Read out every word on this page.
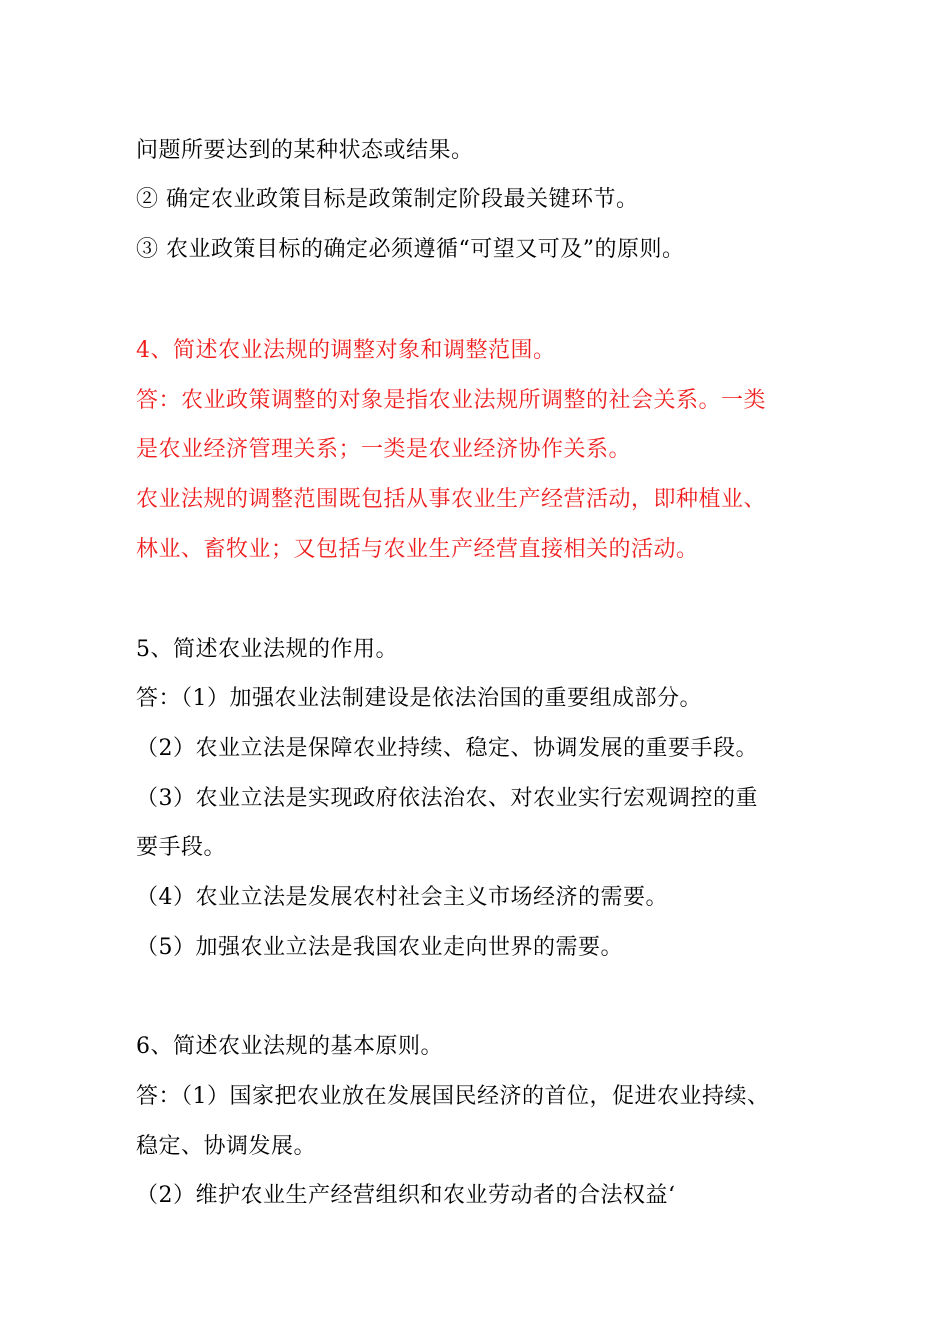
问题所要达到的某种状态或结果。
② 确定农业政策目标是政策制定阶段最关键环节。
③ 农业政策目标的确定必须遵循“可望又可及”的原则。
4、简述农业法规的调整对象和调整范围。
答：农业政策调整的对象是指农业法规所调整的社会关系。一类
是农业经济管理关系；一类是农业经济协作关系。
农业法规的调整范围既包括从事农业生产经营活动，即种植业、
林业、畜牧业；又包括与农业生产经营直接相关的活动。
5、简述农业法规的作用。
答：（1）加强农业法制建设是依法治国的重要组成部分。
（2）农业立法是保障农业持续、稳定、协调发展的重要手段。
（3）农业立法是实现政府依法治农、对农业实行宏观调控的重
要手段。
（4）农业立法是发展农村社会主义市场经济的需要。
（5）加强农业立法是我国农业走向世界的需要。
6、简述农业法规的基本原则。
答：（1）国家把农业放在发展国民经济的首位，促进农业持续、
稳定、协调发展。
（2）维护农业生产经营组织和农业劳动者的合法权益‘
